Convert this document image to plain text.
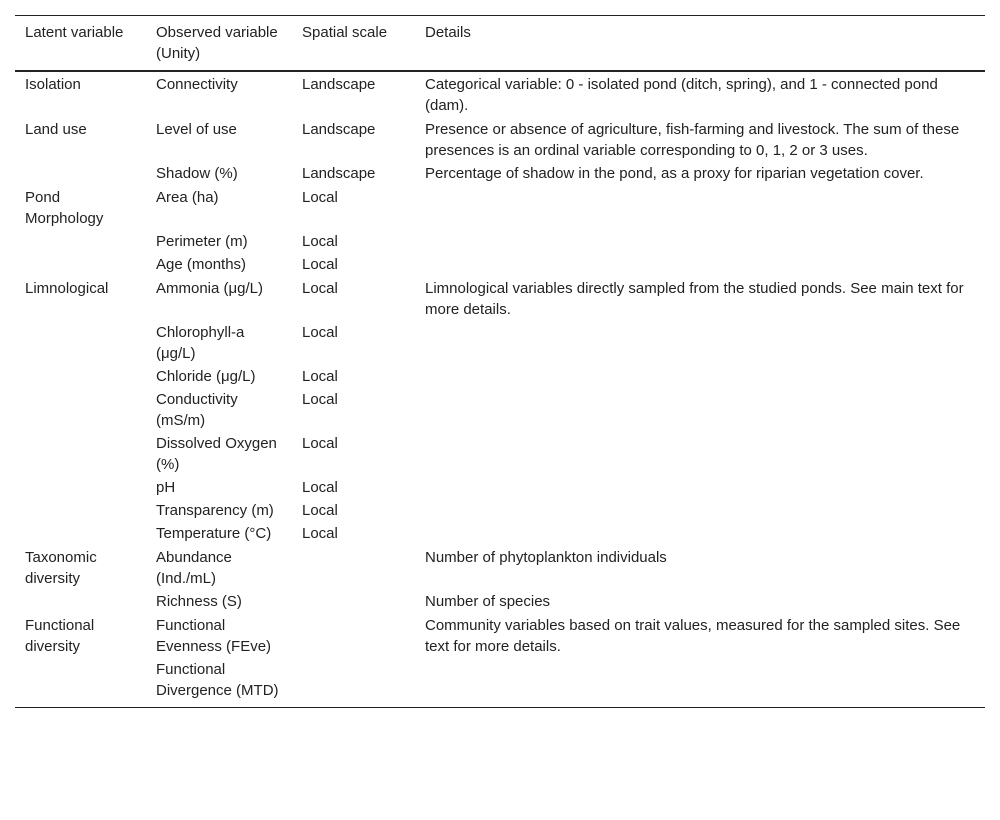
Latent variable	Observed variable (Unity)	Spatial scale	Details
Isolation	Connectivity	Landscape	Categorical variable: 0 - isolated pond (ditch, spring), and 1 - connected pond (dam).
Land use	Level of use	Landscape	Presence or absence of agriculture, fish-farming and livestock. The sum of these presences is an ordinal variable corresponding to 0, 1, 2 or 3 uses.
	Shadow (%)	Landscape	Percentage of shadow in the pond, as a proxy for riparian vegetation cover.
Pond Morphology	Area (ha)	Local	
	Perimeter (m)	Local	
	Age (months)	Local	
Limnological	Ammonia (μg/L)	Local	Limnological variables directly sampled from the studied ponds. See main text for more details.
	Chlorophyll-a (μg/L)	Local	
	Chloride (μg/L)	Local	
	Conductivity (mS/m)	Local	
	Dissolved Oxygen (%)	Local	
	pH	Local	
	Transparency (m)	Local	
	Temperature (°C)	Local	
Taxonomic diversity	Abundance (Ind./mL)		Number of phytoplankton individuals
	Richness (S)		Number of species
Functional diversity	Functional Evenness (FEve)		Community variables based on trait values, measured for the sampled sites. See text for more details.
	Functional Divergence (MTD)		
